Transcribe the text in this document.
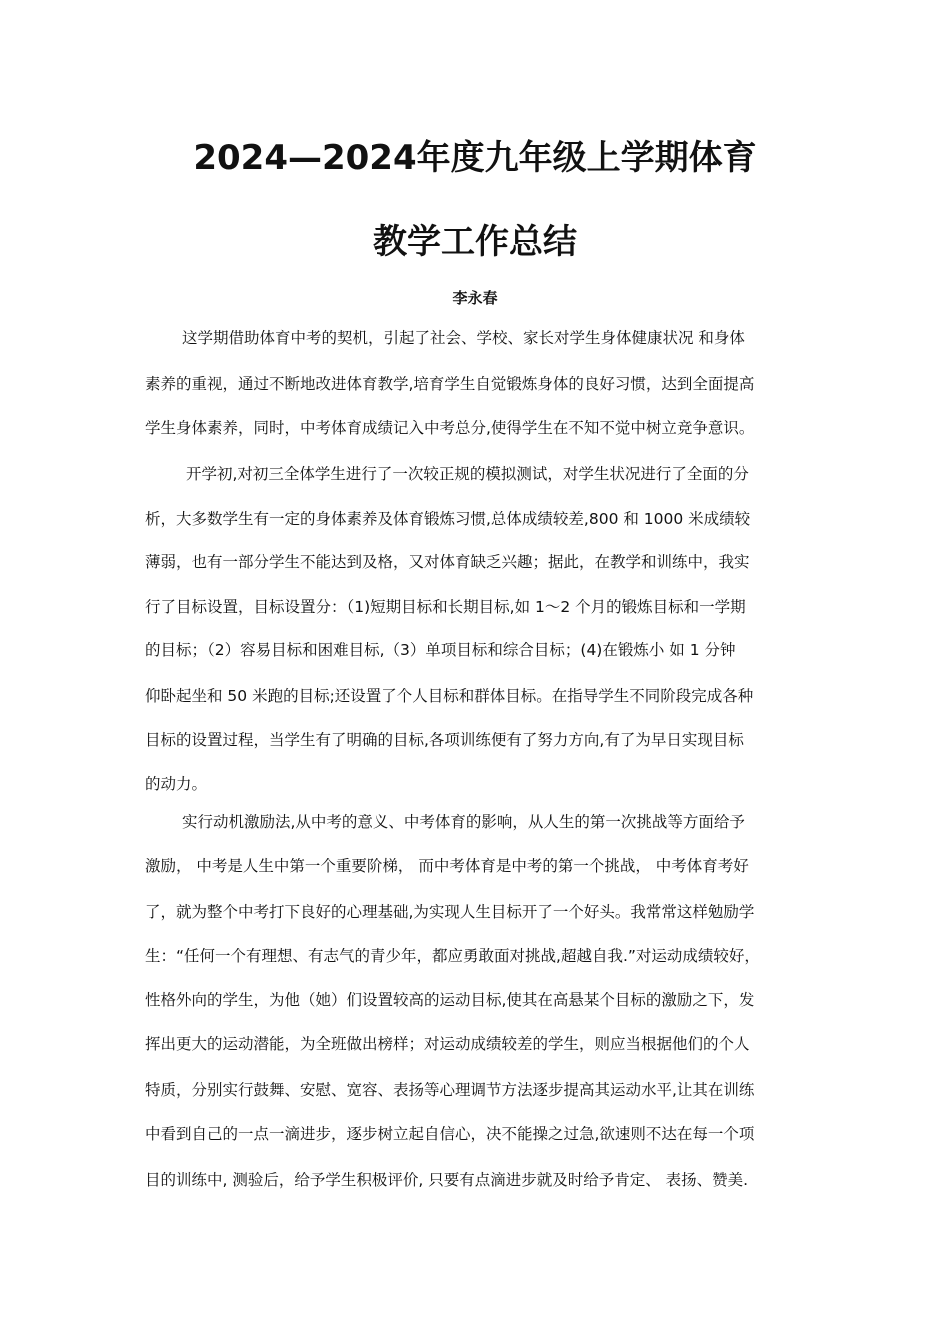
2024—2024年度九年级上学期体育
教学工作总结
李永春
这学期借助体育中考的契机，引起了社会、学校、家长对学生身体健康状况 和身体
素养的重视，通过不断地改进体育教学,培育学生自觉锻炼身体的良好习惯，达到全面提高
学生身体素养，同时，中考体育成绩记入中考总分,使得学生在不知不觉中树立竞争意识。
开学初,对初三全体学生进行了一次较正规的模拟测试，对学生状况进行了全面的分
析，大多数学生有一定的身体素养及体育锻炼习惯,总体成绩较差,800 和 1000 米成绩较
薄弱，也有一部分学生不能达到及格，又对体育缺乏兴趣；据此，在教学和训练中，我实
行了目标设置，目标设置分：（1)短期目标和长期目标,如 1～2 个月的锻炼目标和一学期
的目标；（2）容易目标和困难目标,（3）单项目标和综合目标；(4)在锻炼小 如 1 分钟
仰卧起坐和 50 米跑的目标;还设置了个人目标和群体目标。在指导学生不同阶段完成各种
目标的设置过程，当学生有了明确的目标,各项训练便有了努力方向,有了为早日实现目标
的动力。
实行动机激励法,从中考的意义、中考体育的影响，从人生的第一次挑战等方面给予
激励， 中考是人生中第一个重要阶梯， 而中考体育是中考的第一个挑战， 中考体育考好
了，就为整个中考打下良好的心理基础,为实现人生目标开了一个好头。我常常这样勉励学
生：“任何一个有理想、有志气的青少年，都应勇敢面对挑战,超越自我.”对运动成绩较好，
性格外向的学生，为他（她）们设置较高的运动目标,使其在高悬某个目标的激励之下，发
挥出更大的运动潜能，为全班做出榜样；对运动成绩较差的学生，则应当根据他们的个人
特质，分别实行鼓舞、安慰、宽容、表扬等心理调节方法逐步提高其运动水平,让其在训练
中看到自己的一点一滴进步，逐步树立起自信心，决不能操之过急,欲速则不达在每一个项
目的训练中, 测验后，给予学生积极评价, 只要有点滴进步就及时给予肯定、 表扬、赞美.
